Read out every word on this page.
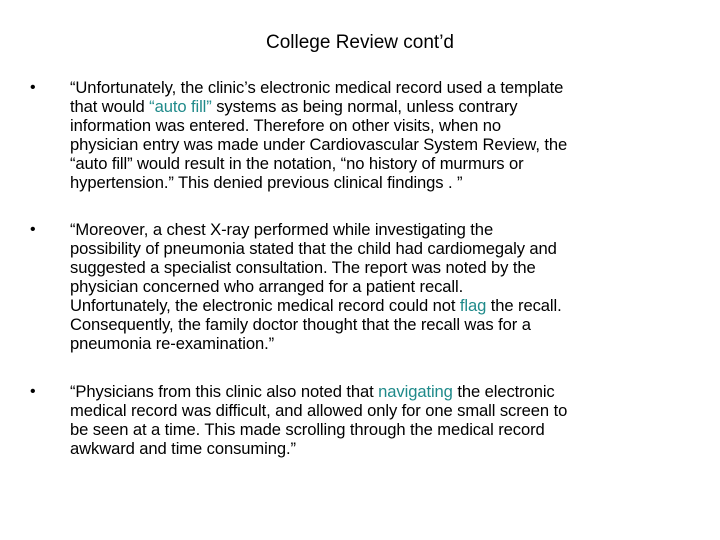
College Review cont’d
• “Unfortunately, the clinic’s electronic medical record used a template
that would “auto fill” systems as being normal, unless contrary
information was entered. Therefore on other visits, when no
physician entry was made under Cardiovascular System Review, the
“auto fill” would result in the notation, “no history of murmurs or
hypertension.” This denied previous clinical findings . ”
• “Moreover, a chest X-ray performed while investigating the
possibility of pneumonia stated that the child had cardiomegaly and
suggested a specialist consultation. The report was noted by the
physician concerned who arranged for a patient recall.
Unfortunately, the electronic medical record could not flag the recall.
Consequently, the family doctor thought that the recall was for a
pneumonia re-examination.”
• “Physicians from this clinic also noted that navigating the electronic
medical record was difficult, and allowed only for one small screen to
be seen at a time. This made scrolling through the medical record
awkward and time consuming.”
